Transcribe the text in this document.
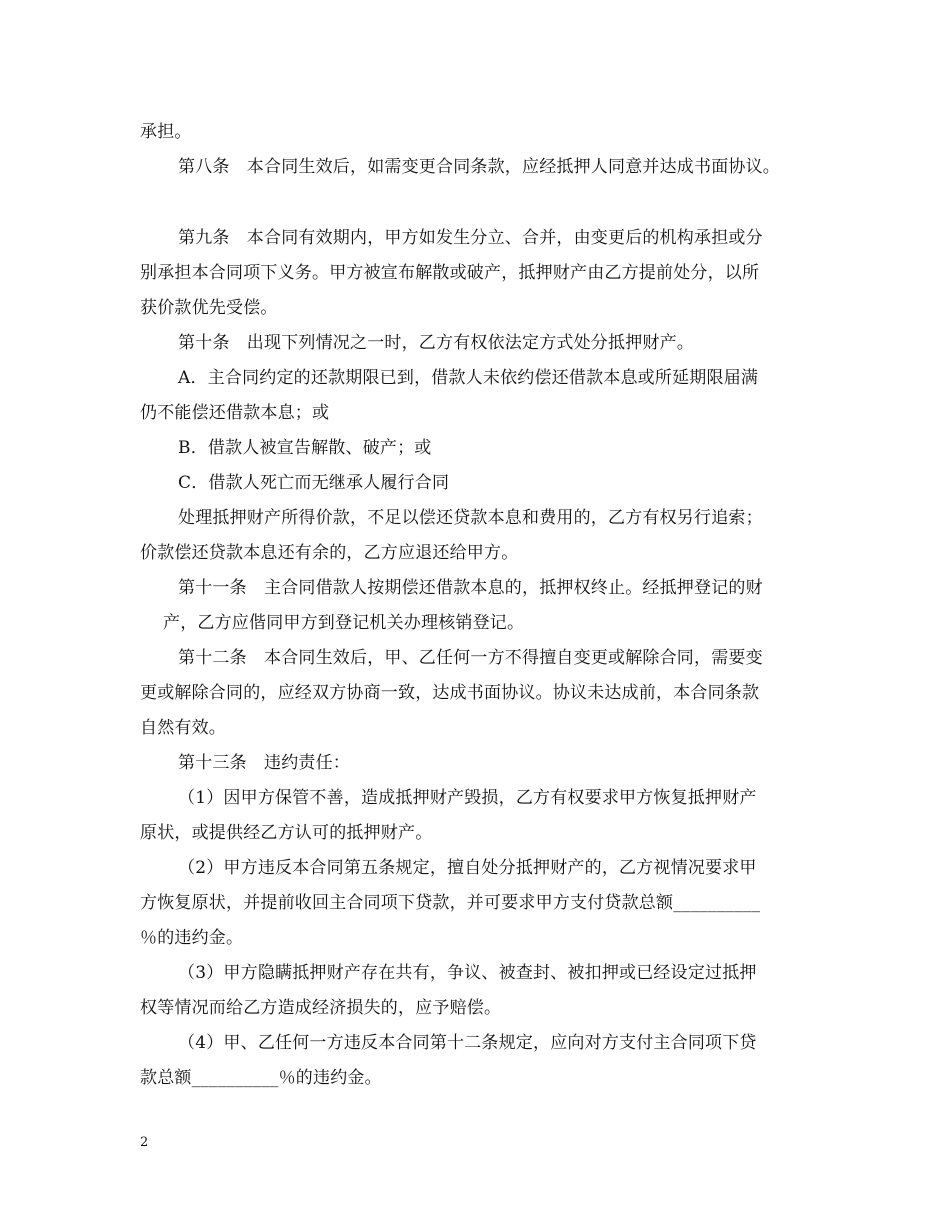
承担。
第八条　本合同生效后，如需变更合同条款，应经抵押人同意并达成书面协议。
第九条　本合同有效期内，甲方如发生分立、合并，由变更后的机构承担或分
别承担本合同项下义务。甲方被宣布解散或破产，抵押财产由乙方提前处分，以所
获价款优先受偿。
第十条　出现下列情况之一时，乙方有权依法定方式处分抵押财产。
A．主合同约定的还款期限已到，借款人未依约偿还借款本息或所延期限届满
仍不能偿还借款本息；或
B．借款人被宣告解散、破产；或
C．借款人死亡而无继承人履行合同
处理抵押财产所得价款，不足以偿还贷款本息和费用的，乙方有权另行追索；
价款偿还贷款本息还有余的，乙方应退还给甲方。
第十一条　主合同借款人按期偿还借款本息的，抵押权终止。经抵押登记的财
产，乙方应偕同甲方到登记机关办理核销登记。
第十二条　本合同生效后，甲、乙任何一方不得擅自变更或解除合同，需要变
更或解除合同的，应经双方协商一致，达成书面协议。协议未达成前，本合同条款
自然有效。
第十三条　违约责任：
（1）因甲方保管不善，造成抵押财产毁损，乙方有权要求甲方恢复抵押财产
原状，或提供经乙方认可的抵押财产。
（2）甲方违反本合同第五条规定，擅自处分抵押财产的，乙方视情况要求甲
方恢复原状，并提前收回主合同项下贷款，并可要求甲方支付贷款总额__________
％的违约金。
（3）甲方隐瞒抵押财产存在共有，争议、被查封、被扣押或已经设定过抵押
权等情况而给乙方造成经济损失的，应予赔偿。
（4）甲、乙任何一方违反本合同第十二条规定，应向对方支付主合同项下贷
款总额__________％的违约金。
2
